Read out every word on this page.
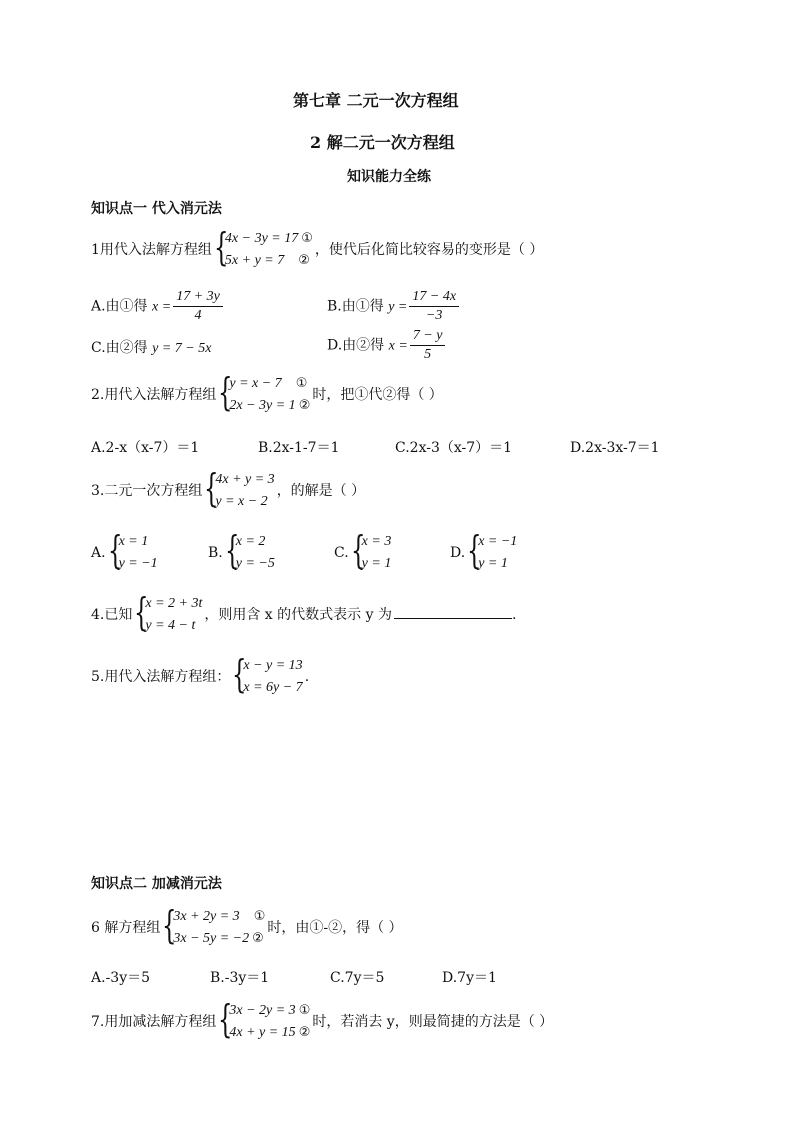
第七章 二元一次方程组
2 解二元一次方程组
知识能力全练
知识点一 代入消元法
1用代入法解方程组 {
4x − 3y = 17 ①
5x + y = 7 ②
，使代后化简比较容易的变形是（ ）
A.由①得 $x = \frac{17 + 3y}{4}$	B.由①得 $y = \frac{17 - 4x}{-3}$
C.由②得 y = 7 − 5x	D.由②得 $x = \frac{7 - y}{5}$
2.用代入法解方程组 {
y = x − 7 ①
2x − 3y = 1 ②
时，把①代②得（ ）
A.2-x（x-7）＝1	B.2x-1-7＝1	C.2x-3（x-7）＝1	D.2x-3x-7＝1
3.二元一次方程组 {
4x + y = 3
y = x − 2
，的解是（ ）
A. {
x = 1
y = −1
B. {
x = 2
y = −5
C. {
x = 3
y = 1
D. {
x = −1
y = 1
4.已知 {
x = 2 + 3t
y = 4 − t
，则用含 x 的代数式表示 y 为	.
5.用代入法解方程组： {
x − y = 13
x = 6y − 7
.
知识点二 加减消元法
6 解方程组 {
3x + 2y = 3 ①
3x − 5y = −2 ②
时，由①-②，得（ ）
A.-3y＝5	B.-3y＝1	C.7y＝5	D.7y＝1
7.用加减法解方程组 {
3x − 2y = 3 ①
4x + y = 15 ②
时，若消去 y，则最简捷的方法是（ ）
